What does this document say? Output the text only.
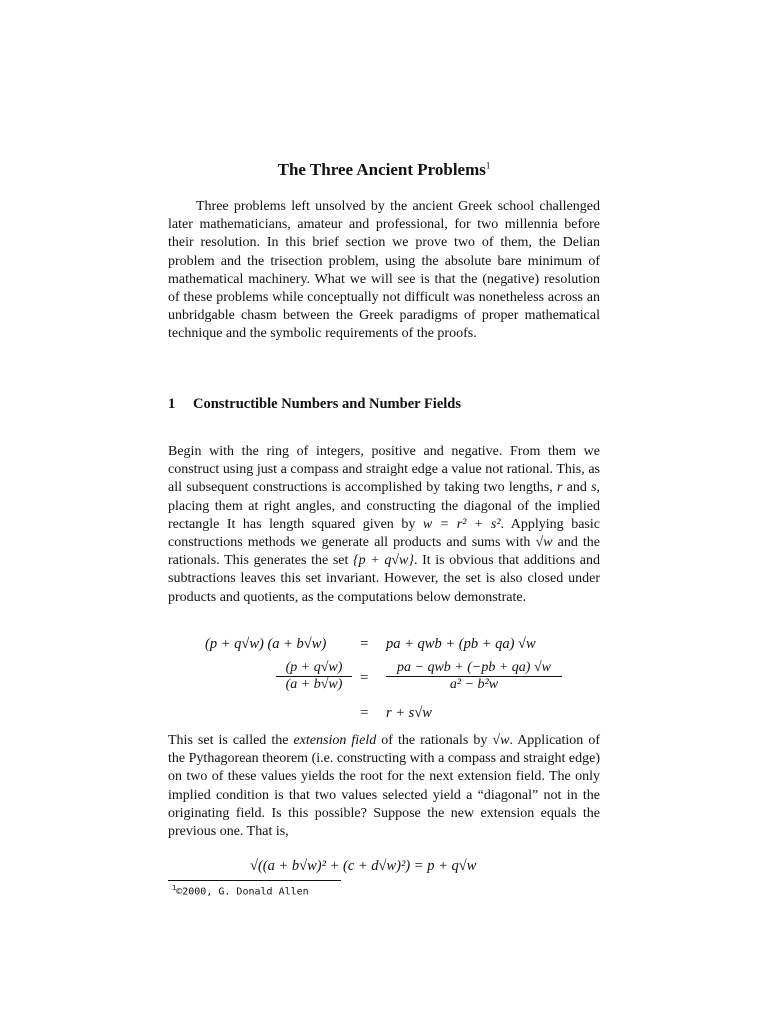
The Three Ancient Problems$^1$
Three problems left unsolved by the ancient Greek school challenged later mathematicians, amateur and professional, for two millennia before their resolution. In this brief section we prove two of them, the Delian problem and the trisection problem, using the absolute bare minimum of mathematical machinery. What we will see is that the (negative) resolution of these problems while conceptually not difficult was nonetheless across an unbridgable chasm between the Greek paradigms of proper mathematical technique and the symbolic requirements of the proofs.
1 Constructible Numbers and Number Fields
Begin with the ring of integers, positive and negative. From them we construct using just a compass and straight edge a value not rational. This, as all subsequent constructions is accomplished by taking two lengths, r and s, placing them at right angles, and constructing the diagonal of the implied rectangle It has length squared given by w = r² + s². Applying basic constructions methods we generate all products and sums with √w and the rationals. This generates the set {p + q√w}. It is obvious that additions and subtractions leaves this set invariant. However, the set is also closed under products and quotients, as the computations below demonstrate.
(p + q√w) (a + b√w) = pa + qwb + (pb + qa) √w
$\frac{(p + q√w)}{(a + b√w)}$ =
pa − qwb + (−pb + qa) √w
a² − b²w
= r + s√w
This set is called the extension field of the rationals by √w. Application of the Pythagorean theorem (i.e. constructing with a compass and straight edge) on two of these values yields the root for the next extension field. The only implied condition is that two values selected yield a “diagonal” not in the originating field. Is this possible? Suppose the new extension equals the previous one. That is,
√((a + b√w)² + (c + d√w)²) = p + q√w
$^1$©2000, G. Donald Allen
